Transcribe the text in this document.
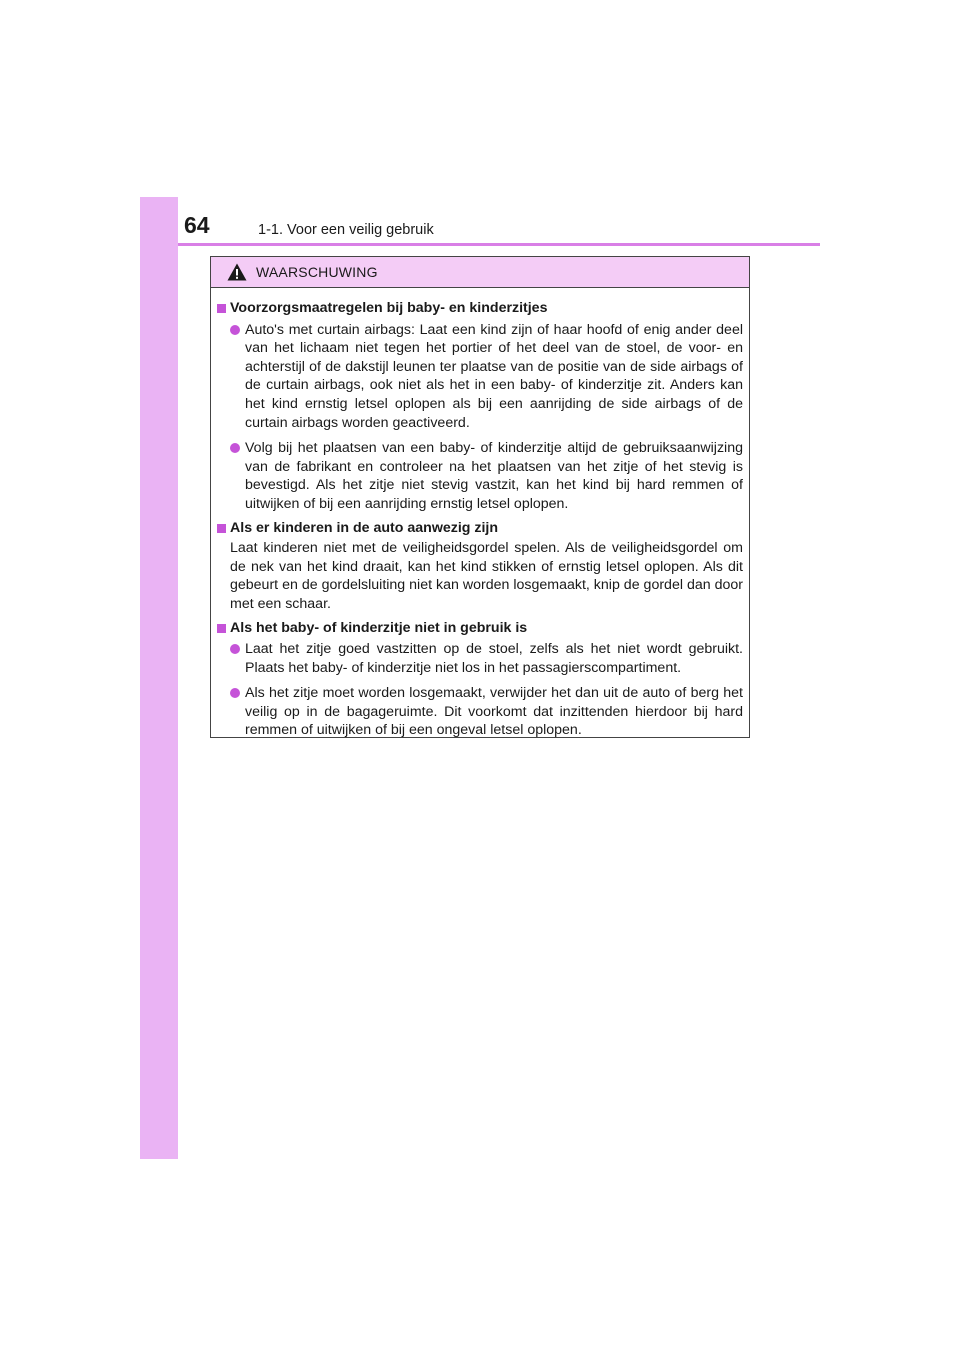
64	1-1. Voor een veilig gebruik
WAARSCHUWING
Voorzorgsmaatregelen bij baby- en kinderzitjes
Auto's met curtain airbags: Laat een kind zijn of haar hoofd of enig ander deel van het lichaam niet tegen het portier of het deel van de stoel, de voor- en achterstijl of de dakstijl leunen ter plaatse van de positie van de side airbags of de curtain airbags, ook niet als het in een baby- of kinderzitje zit. Anders kan het kind ernstig letsel oplopen als bij een aanrijding de side airbags of de curtain airbags worden geactiveerd.
Volg bij het plaatsen van een baby- of kinderzitje altijd de gebruiksaanwijzing van de fabrikant en controleer na het plaatsen van het zitje of het stevig is bevestigd. Als het zitje niet stevig vastzit, kan het kind bij hard remmen of uitwijken of bij een aanrijding ernstig letsel oplopen.
Als er kinderen in de auto aanwezig zijn
Laat kinderen niet met de veiligheidsgordel spelen. Als de veiligheidsgordel om de nek van het kind draait, kan het kind stikken of ernstig letsel oplopen. Als dit gebeurt en de gordelsluiting niet kan worden losgemaakt, knip de gordel dan door met een schaar.
Als het baby- of kinderzitje niet in gebruik is
Laat het zitje goed vastzitten op de stoel, zelfs als het niet wordt gebruikt. Plaats het baby- of kinderzitje niet los in het passagierscompartiment.
Als het zitje moet worden losgemaakt, verwijder het dan uit de auto of berg het veilig op in de bagageruimte. Dit voorkomt dat inzittenden hierdoor bij hard remmen of uitwijken of bij een ongeval letsel oplopen.
